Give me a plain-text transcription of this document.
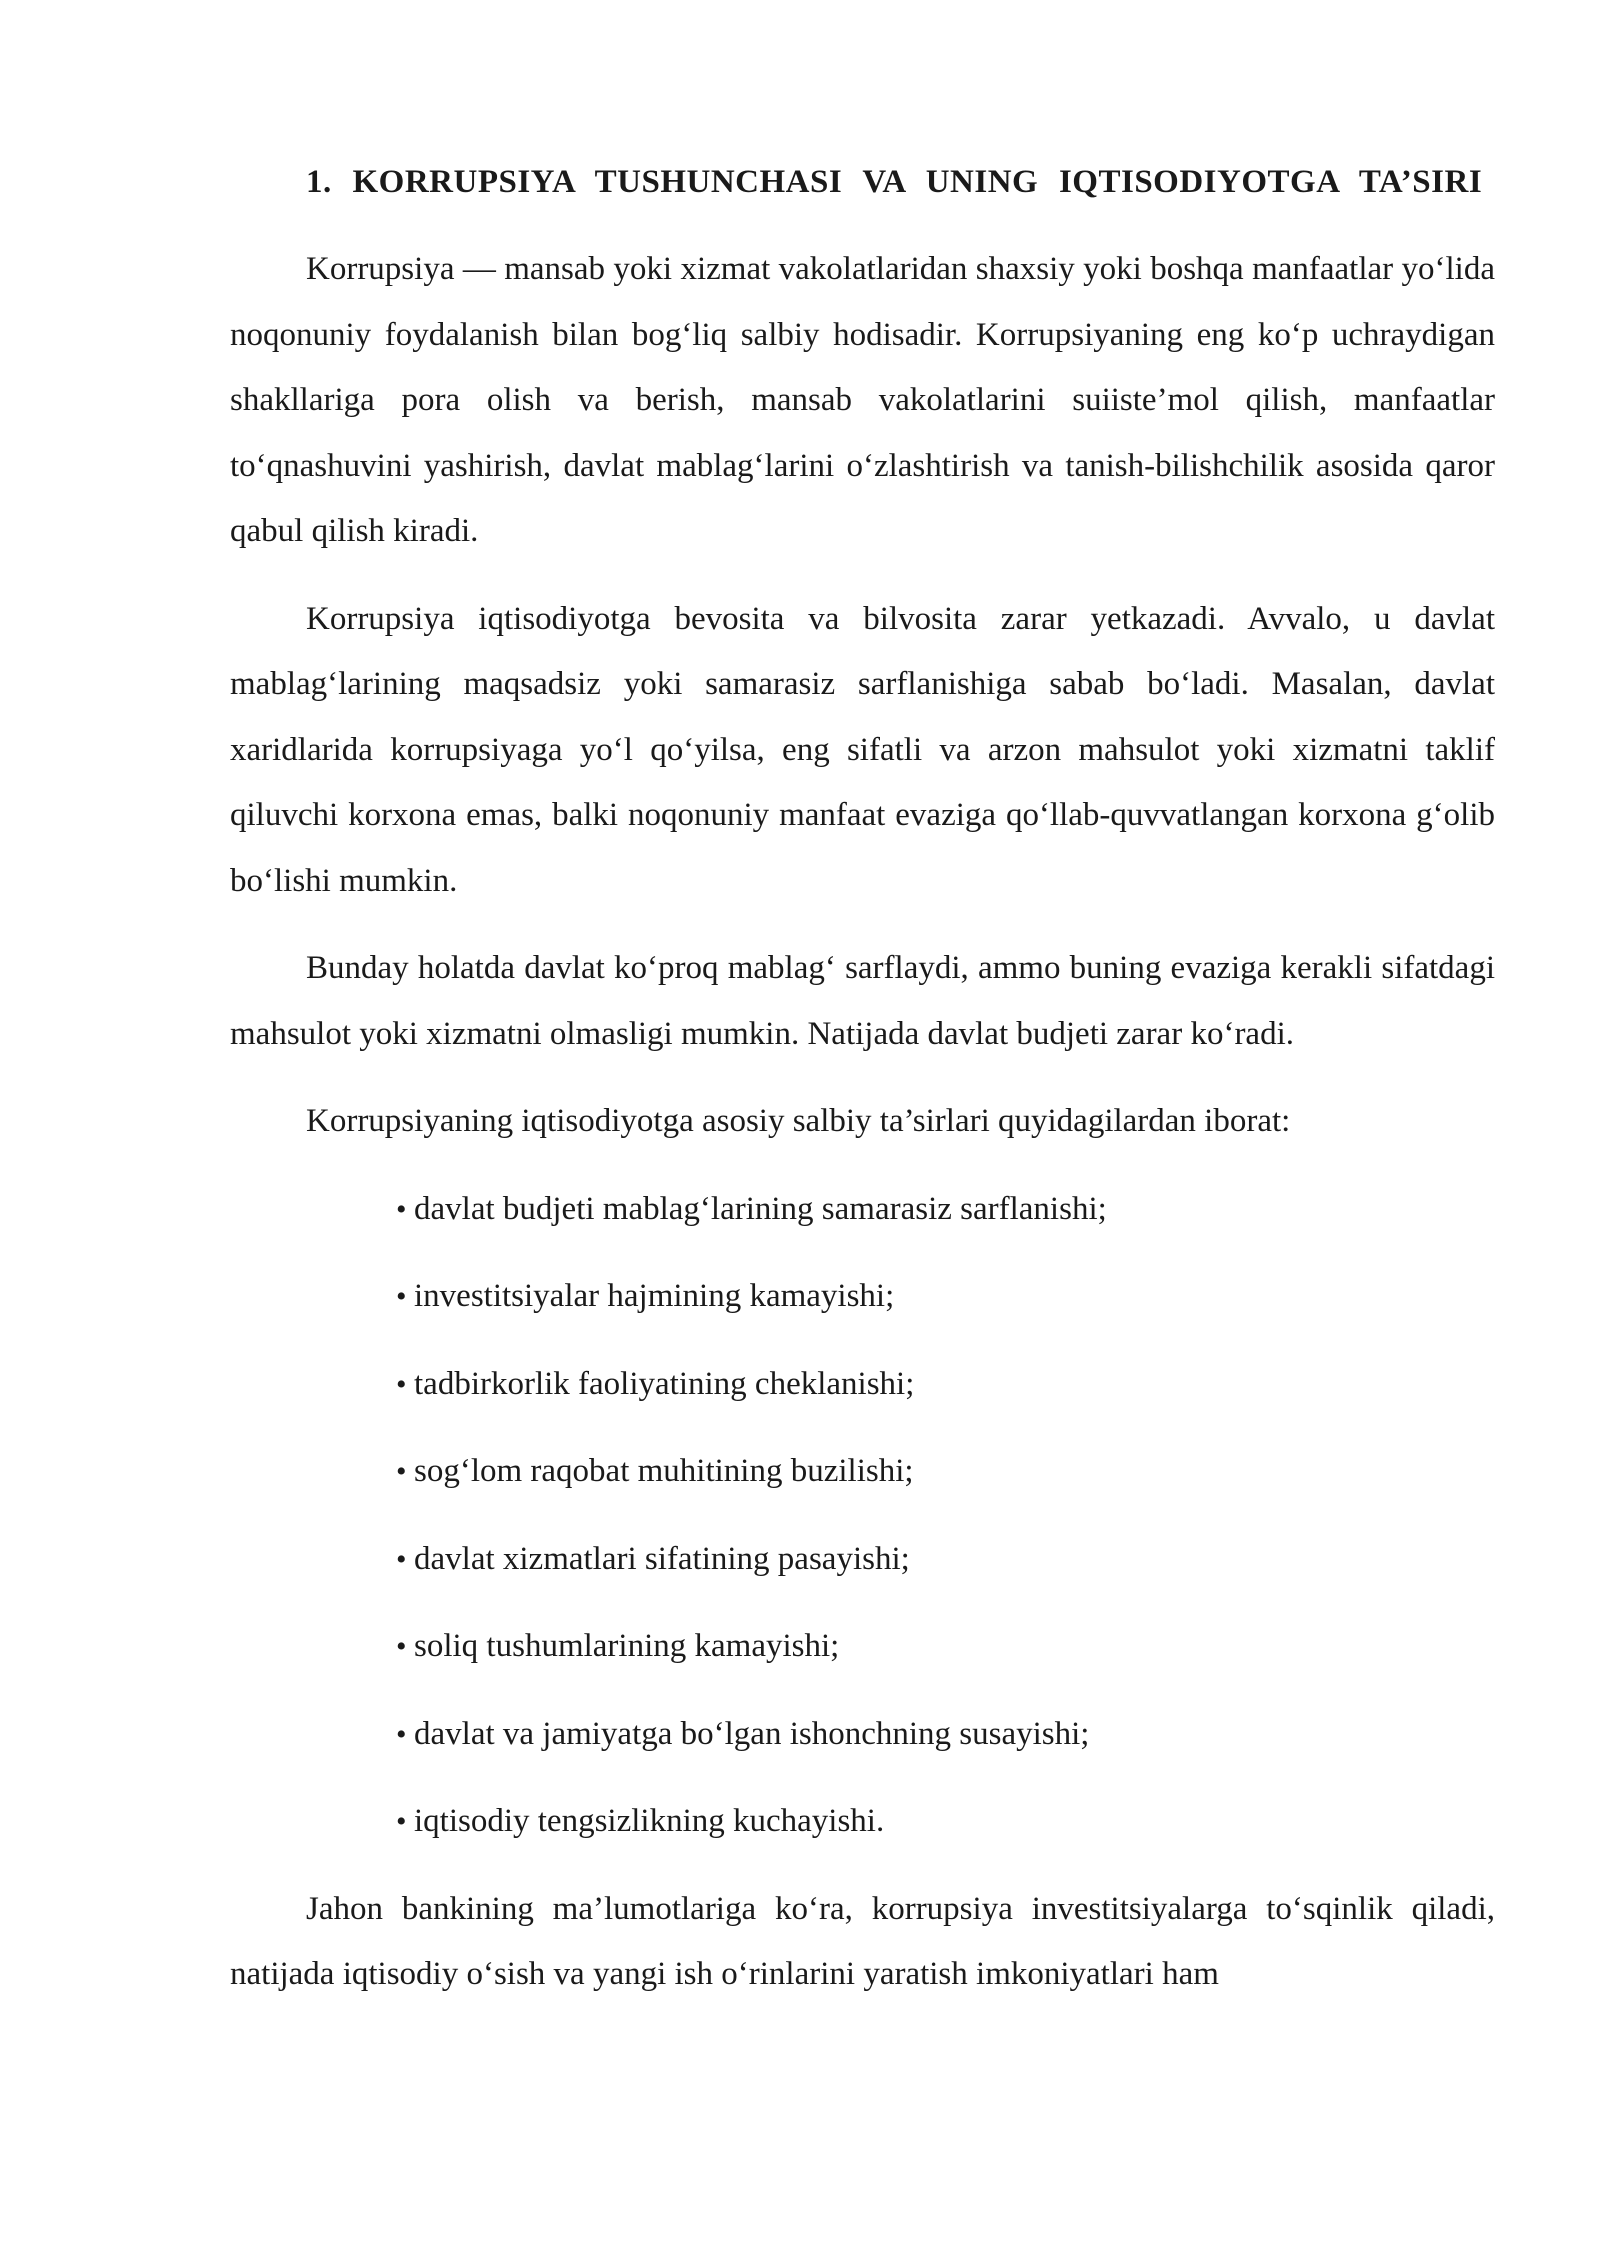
1. KORRUPSIYA TUSHUNCHASI VA UNING IQTISODIYOTGA TA’SIRI

Korrupsiya — mansab yoki xizmat vakolatlaridan shaxsiy yoki boshqa manfaatlar yo‘lida noqonuniy foydalanish bilan bog‘liq salbiy hodisadir. Korrupsiyaning eng ko‘p uchraydigan shakllariga pora olish va berish, mansab vakolatlarini suiiste’mol qilish, manfaatlar to‘qnashuvini yashirish, davlat mablag‘larini o‘zlashtirish va tanish-bilishchilik asosida qaror qabul qilish kiradi.

Korrupsiya iqtisodiyotga bevosita va bilvosita zarar yetkazadi. Avvalo, u davlat mablag‘larining maqsadsiz yoki samarasiz sarflanishiga sabab bo‘ladi. Masalan, davlat xaridlarida korrupsiyaga yo‘l qo‘yilsa, eng sifatli va arzon mahsulot yoki xizmatni taklif qiluvchi korxona emas, balki noqonuniy manfaat evaziga qo‘llab-quvvatlangan korxona g‘olib bo‘lishi mumkin.

Bunday holatda davlat ko‘proq mablag‘ sarflaydi, ammo buning evaziga kerakli sifatdagi mahsulot yoki xizmatni olmasligi mumkin. Natijada davlat budjeti zarar ko‘radi.

Korrupsiyaning iqtisodiyotga asosiy salbiy ta’sirlari quyidagilardan iborat:

• davlat budjeti mablag‘larining samarasiz sarflanishi;
• investitsiyalar hajmining kamayishi;
• tadbirkorlik faoliyatining cheklanishi;
• sog‘lom raqobat muhitining buzilishi;
• davlat xizmatlari sifatining pasayishi;
• soliq tushumlarining kamayishi;
• davlat va jamiyatga bo‘lgan ishonchning susayishi;
• iqtisodiy tengsizlikning kuchayishi.

Jahon bankining ma’lumotlariga ko‘ra, korrupsiya investitsiyalarga to‘sqinlik qiladi, natijada iqtisodiy o‘sish va yangi ish o‘rinlarini yaratish imkoniyatlari ham
